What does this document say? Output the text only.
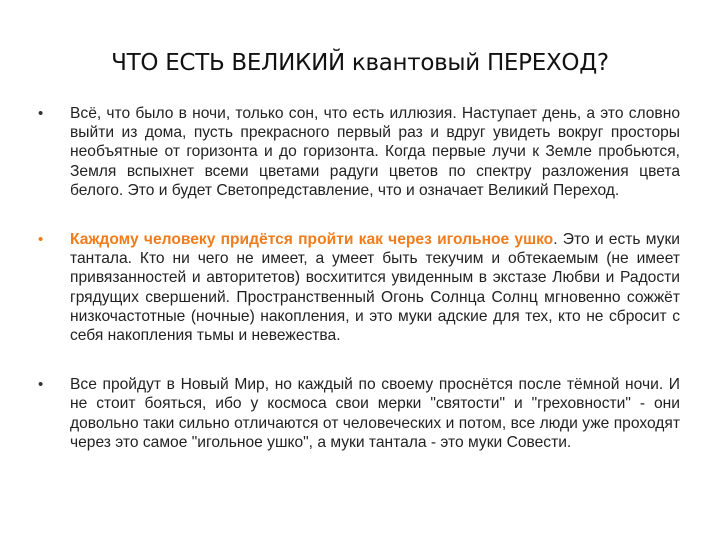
ЧТО ЕСТЬ ВЕЛИКИЙ квантовый ПЕРЕХОД?
•	Всё, что было в ночи, только сон, что есть иллюзия. Наступает день, а это словно выйти из дома, пусть прекрасного первый раз и вдруг увидеть вокруг просторы необъятные от горизонта и до горизонта. Когда первые лучи к Земле пробьются, Земля вспыхнет всеми цветами радуги цветов по спектру разложения цвета белого. Это и будет Светопредставление, что и означает Великий Переход.
•	Каждому человеку придётся пройти как через игольное ушко. Это и есть муки тантала. Кто ни чего не имеет, а умеет быть текучим и обтекаемым (не имеет привязанностей и авторитетов) восхитится увиденным в экстазе Любви и Радости грядущих свершений. Пространственный Огонь Солнца Солнц мгновенно сожжёт низкочастотные (ночные) накопления, и это муки адские для тех, кто не сбросит с себя накопления тьмы и невежества.
•	Все пройдут в Новый Мир, но каждый по своему проснётся после тёмной ночи. И не стоит бояться, ибо у космоса свои мерки "святости" и "греховности" - они довольно таки сильно отличаются от человеческих и потом, все люди уже проходят через это самое "игольное ушко", а муки тантала - это муки Совести.
